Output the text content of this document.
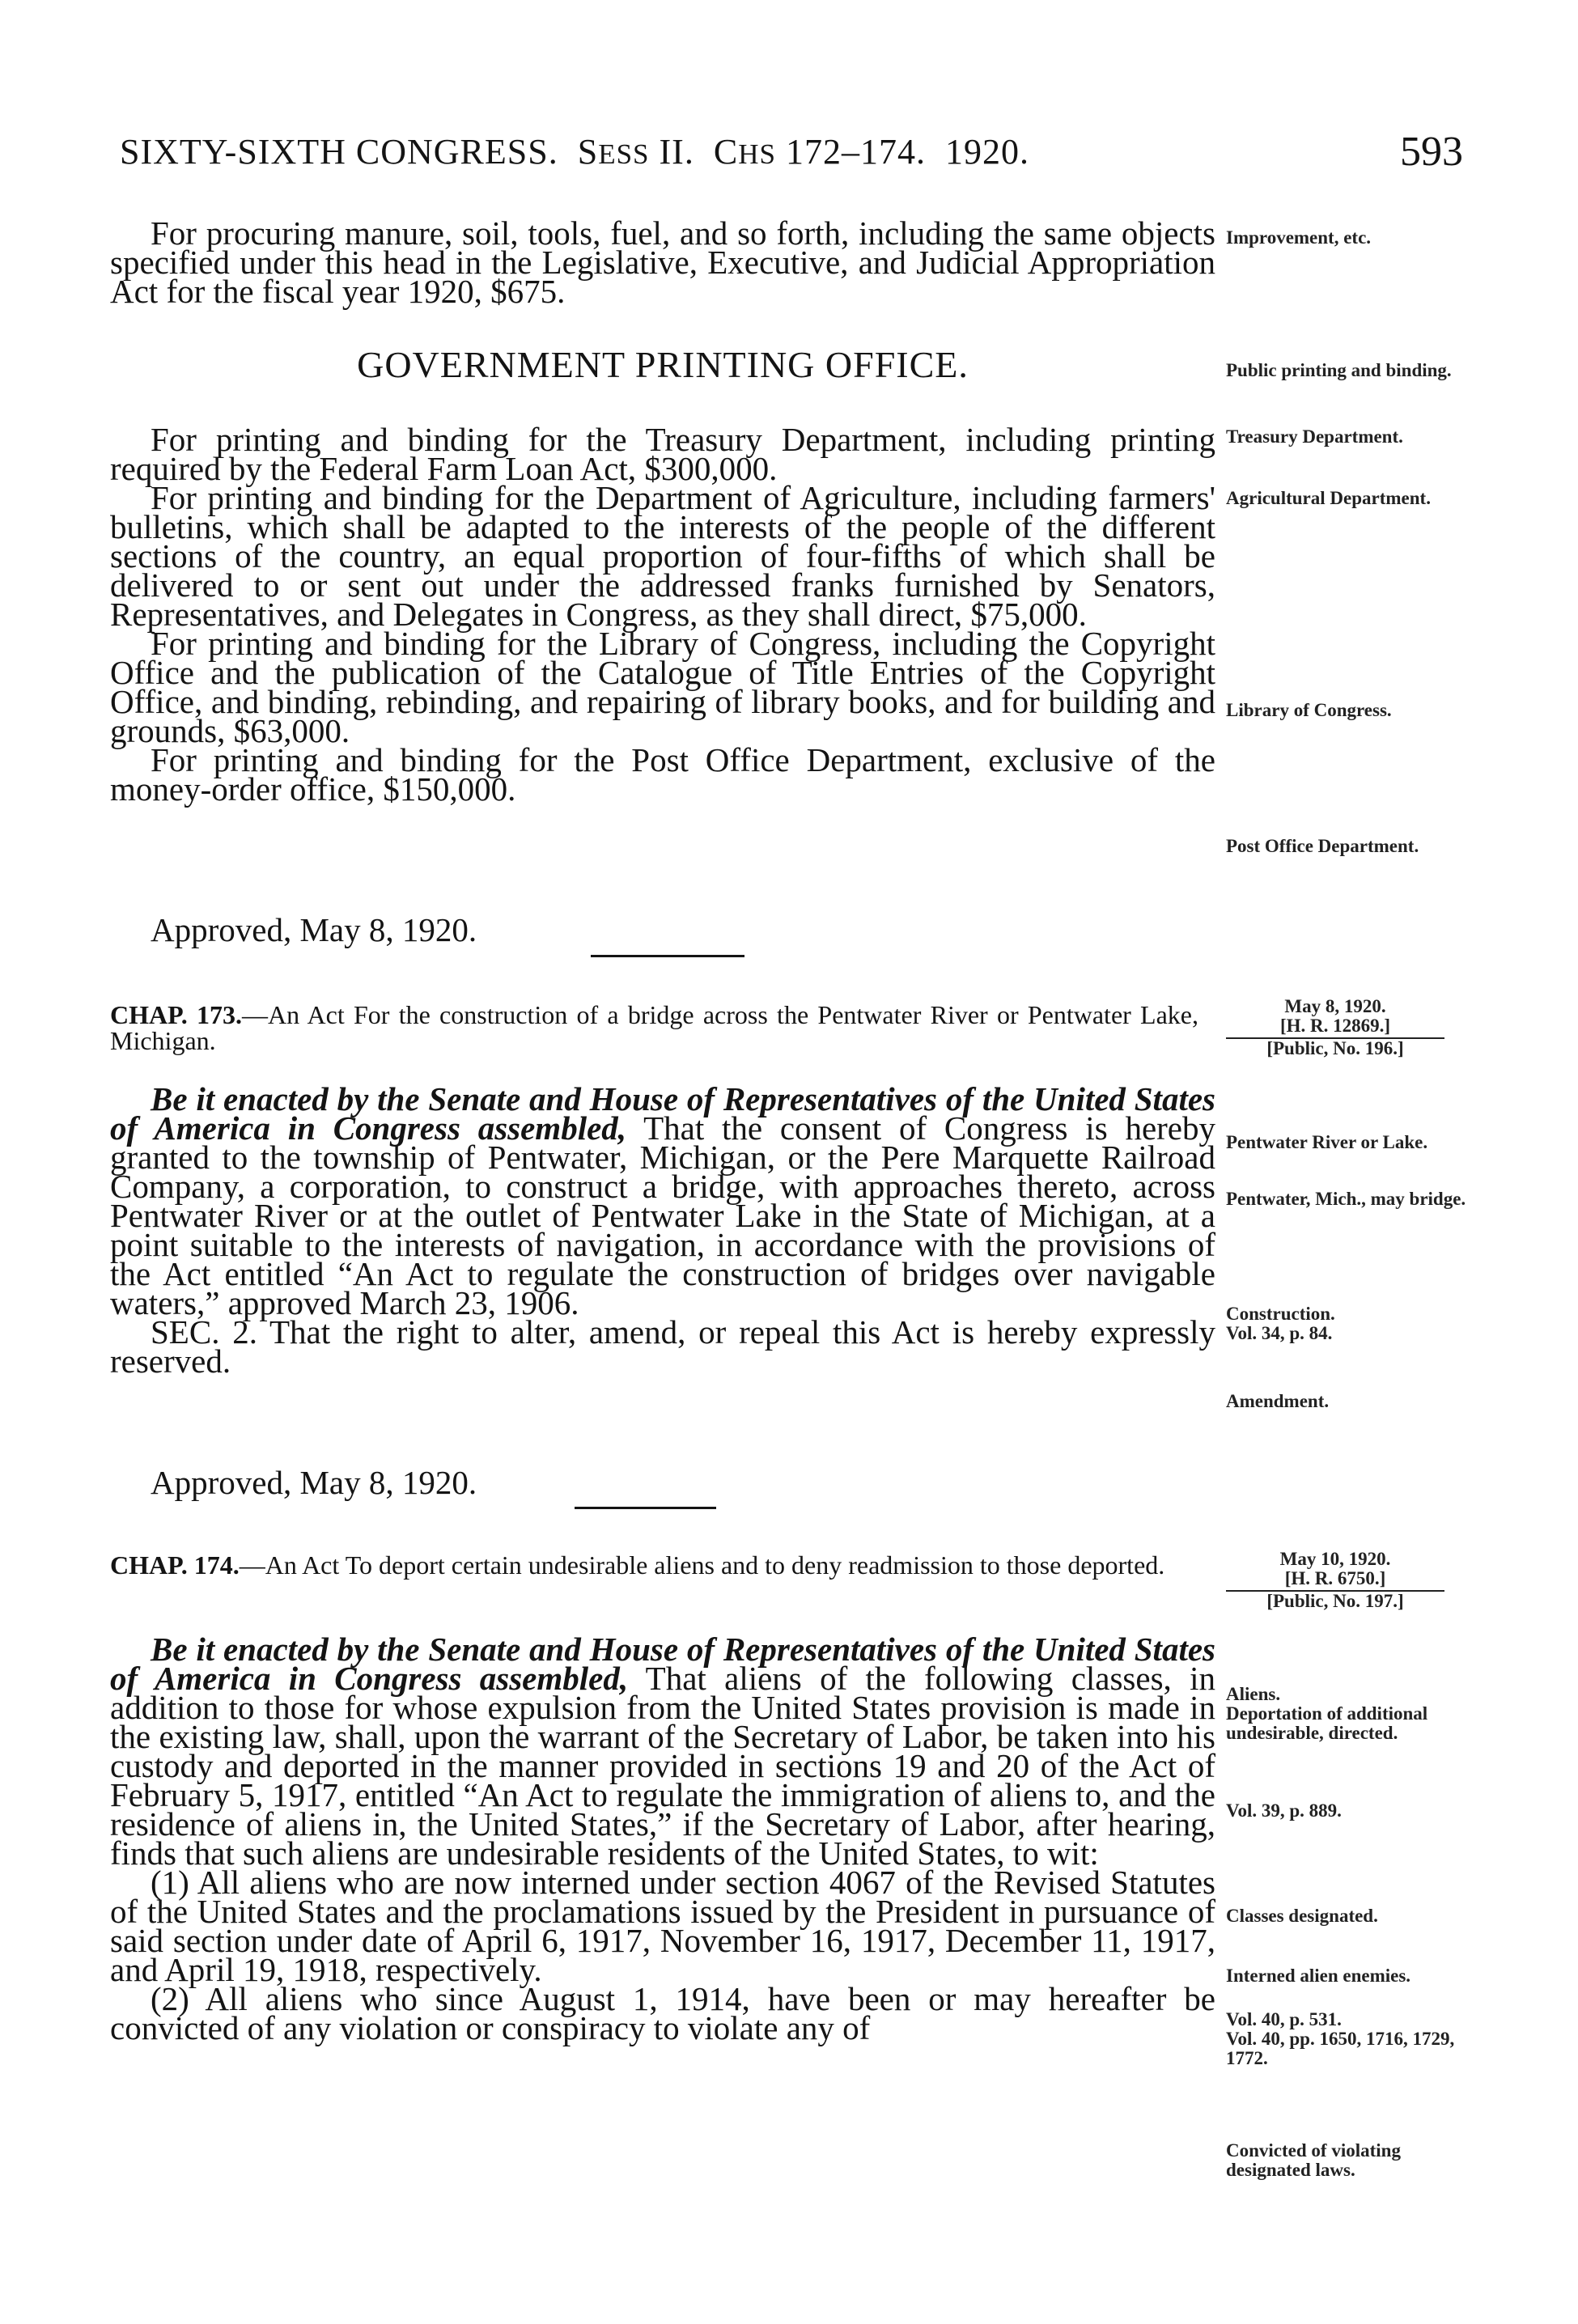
SIXTY-SIXTH CONGRESS. SESS II. CHS 172–174. 1920.	593

For procuring manure, soil, tools, fuel, and so forth, including the same objects specified under this head in the Legislative, Executive, and Judicial Appropriation Act for the fiscal year 1920, $675.

Improvement, etc.
GOVERNMENT PRINTING OFFICE.	Public printing and binding.

For printing and binding for the Treasury Department, including printing required by the Federal Farm Loan Act, $300,000.

For printing and binding for the Department of Agriculture, including farmers' bulletins, which shall be adapted to the interests of the people of the different sections of the country, an equal proportion of four-fifths of which shall be delivered to or sent out under the addressed franks furnished by Senators, Representatives, and Delegates in Congress, as they shall direct, $75,000.

For printing and binding for the Library of Congress, including the Copyright Office and the publication of the Catalogue of Title Entries of the Copyright Office, and binding, rebinding, and repairing of library books, and for building and grounds, $63,000.

For printing and binding for the Post Office Department, exclusive of the money-order office, $150,000.

Treasury Department.
Agricultural Department.
Library of Congress.
Post Office Department.
Approved, May 8, 1920.
CHAP. 173.—An Act For the construction of a bridge across the Pentwater River or Pentwater Lake, Michigan.
May 8, 1920.
[H. R. 12869.]
[Public, No. 196.]

Be it enacted by the Senate and House of Representatives of the United States of America in Congress assembled, That the consent of Congress is hereby granted to the township of Pentwater, Michigan, or the Pere Marquette Railroad Company, a corporation, to construct a bridge, with approaches thereto, across Pentwater River or at the outlet of Pentwater Lake in the State of Michigan, at a point suitable to the interests of navigation, in accordance with the provisions of the Act entitled “An Act to regulate the construction of bridges over navigable waters,” approved March 23, 1906.

SEC. 2. That the right to alter, amend, or repeal this Act is hereby expressly reserved.

Pentwater River or Lake.
Pentwater, Mich., may bridge.
Construction.
Vol. 34, p. 84.
Amendment.
Approved, May 8, 1920.
CHAP. 174.—An Act To deport certain undesirable aliens and to deny readmission to those deported.	May 10, 1920.
[H. R. 6750.]
[Public, No. 197.]

Be it enacted by the Senate and House of Representatives of the United States of America in Congress assembled, That aliens of the following classes, in addition to those for whose expulsion from the United States provision is made in the existing law, shall, upon the warrant of the Secretary of Labor, be taken into his custody and deported in the manner provided in sections 19 and 20 of the Act of February 5, 1917, entitled “An Act to regulate the immigration of aliens to, and the residence of aliens in, the United States,” if the Secretary of Labor, after hearing, finds that such aliens are undesirable residents of the United States, to wit:

(1) All aliens who are now interned under section 4067 of the Revised Statutes of the United States and the proclamations issued by the President in pursuance of said section under date of April 6, 1917, November 16, 1917, December 11, 1917, and April 19, 1918, respectively.

(2) All aliens who since August 1, 1914, have been or may hereafter be convicted of any violation or conspiracy to violate any of

Aliens.
Deportation of additional undesirable, directed.
Vol. 39, p. 889.
Classes designated.
Interned alien enemies.
Vol. 40, p. 531.
Vol. 40, pp. 1650, 1716, 1729, 1772.
Convicted of violating designated laws.
